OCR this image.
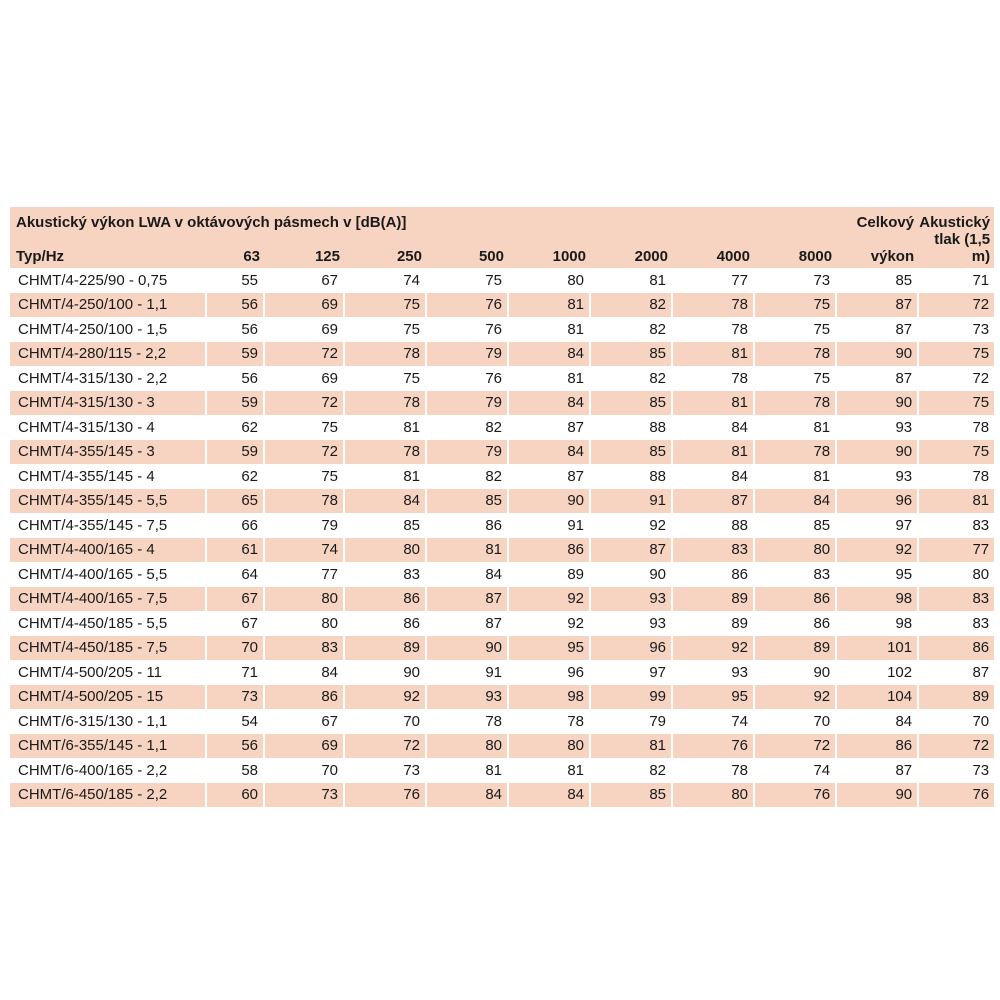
Akustický výkon LWA v oktávových pásmech v [dB(A)]									Celkový	Akustický
Typ/Hz	63	125	250	500	1000	2000	4000	8000	výkon	tlak (1,5 m)
CHMT/4-225/90 - 0,75	55	67	74	75	80	81	77	73	85	71
CHMT/4-250/100 - 1,1	56	69	75	76	81	82	78	75	87	72
CHMT/4-250/100 - 1,5	56	69	75	76	81	82	78	75	87	73
CHMT/4-280/115 - 2,2	59	72	78	79	84	85	81	78	90	75
CHMT/4-315/130 - 2,2	56	69	75	76	81	82	78	75	87	72
CHMT/4-315/130 - 3	59	72	78	79	84	85	81	78	90	75
CHMT/4-315/130 - 4	62	75	81	82	87	88	84	81	93	78
CHMT/4-355/145 - 3	59	72	78	79	84	85	81	78	90	75
CHMT/4-355/145 - 4	62	75	81	82	87	88	84	81	93	78
CHMT/4-355/145 - 5,5	65	78	84	85	90	91	87	84	96	81
CHMT/4-355/145 - 7,5	66	79	85	86	91	92	88	85	97	83
CHMT/4-400/165 - 4	61	74	80	81	86	87	83	80	92	77
CHMT/4-400/165 - 5,5	64	77	83	84	89	90	86	83	95	80
CHMT/4-400/165 - 7,5	67	80	86	87	92	93	89	86	98	83
CHMT/4-450/185 - 5,5	67	80	86	87	92	93	89	86	98	83
CHMT/4-450/185 - 7,5	70	83	89	90	95	96	92	89	101	86
CHMT/4-500/205 - 11	71	84	90	91	96	97	93	90	102	87
CHMT/4-500/205 - 15	73	86	92	93	98	99	95	92	104	89
CHMT/6-315/130 - 1,1	54	67	70	78	78	79	74	70	84	70
CHMT/6-355/145 - 1,1	56	69	72	80	80	81	76	72	86	72
CHMT/6-400/165 - 2,2	58	70	73	81	81	82	78	74	87	73
CHMT/6-450/185 - 2,2	60	73	76	84	84	85	80	76	90	76
